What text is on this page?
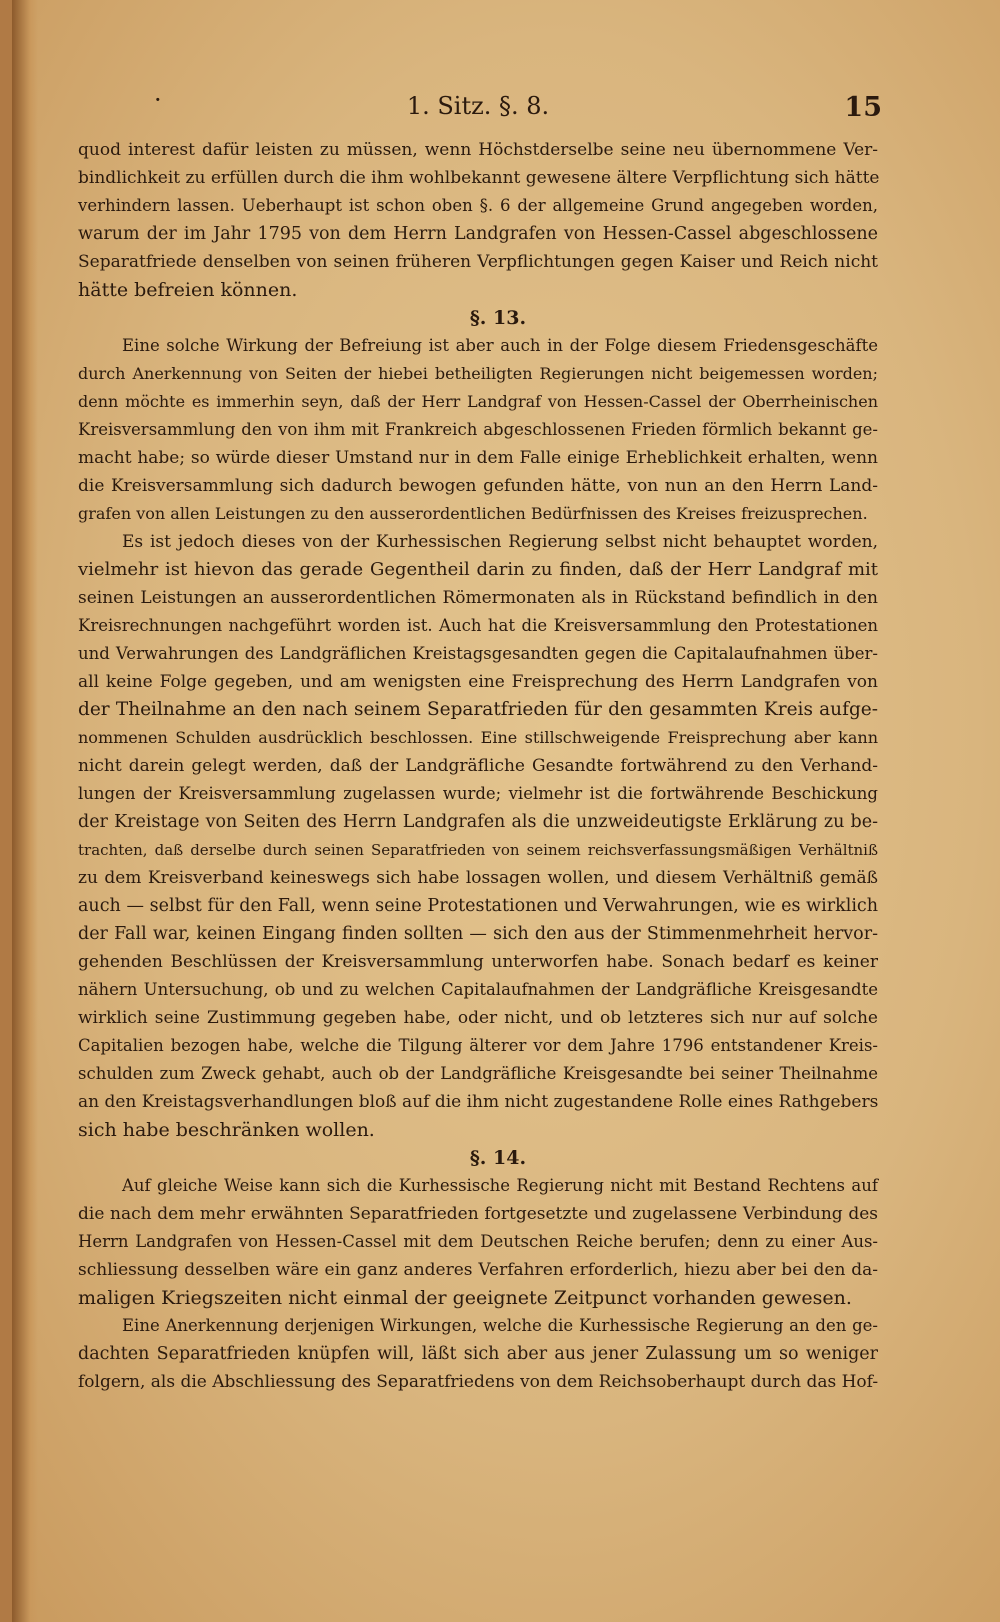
·	1. Sitz. §. 8.	15
quod interest dafür leisten zu müssen, wenn Höchstderselbe seine neu übernommene Ver-
bindlichkeit zu erfüllen durch die ihm wohlbekannt gewesene ältere Verpflichtung sich hätte
verhindern lassen. Ueberhaupt ist schon oben §. 6 der allgemeine Grund angegeben worden,
warum der im Jahr 1795 von dem Herrn Landgrafen von Hessen-Cassel abgeschlossene
Separatfriede denselben von seinen früheren Verpflichtungen gegen Kaiser und Reich nicht
hätte befreien können.
§. 13.
Eine solche Wirkung der Befreiung ist aber auch in der Folge diesem Friedensgeschäfte
durch Anerkennung von Seiten der hiebei betheiligten Regierungen nicht beigemessen worden;
denn möchte es immerhin seyn, daß der Herr Landgraf von Hessen-Cassel der Oberrheinischen
Kreisversammlung den von ihm mit Frankreich abgeschlossenen Frieden förmlich bekannt ge-
macht habe; so würde dieser Umstand nur in dem Falle einige Erheblichkeit erhalten, wenn
die Kreisversammlung sich dadurch bewogen gefunden hätte, von nun an den Herrn Land-
grafen von allen Leistungen zu den ausserordentlichen Bedürfnissen des Kreises freizusprechen.
Es ist jedoch dieses von der Kurhessischen Regierung selbst nicht behauptet worden,
vielmehr ist hievon das gerade Gegentheil darin zu finden, daß der Herr Landgraf mit
seinen Leistungen an ausserordentlichen Römermonaten als in Rückstand befindlich in den
Kreisrechnungen nachgeführt worden ist. Auch hat die Kreisversammlung den Protestationen
und Verwahrungen des Landgräflichen Kreistagsgesandten gegen die Capitalaufnahmen über-
all keine Folge gegeben, und am wenigsten eine Freisprechung des Herrn Landgrafen von
der Theilnahme an den nach seinem Separatfrieden für den gesammten Kreis aufge-
nommenen Schulden ausdrücklich beschlossen. Eine stillschweigende Freisprechung aber kann
nicht darein gelegt werden, daß der Landgräfliche Gesandte fortwährend zu den Verhand-
lungen der Kreisversammlung zugelassen wurde; vielmehr ist die fortwährende Beschickung
der Kreistage von Seiten des Herrn Landgrafen als die unzweideutigste Erklärung zu be-
trachten, daß derselbe durch seinen Separatfrieden von seinem reichsverfassungsmäßigen Verhältniß
zu dem Kreisverband keineswegs sich habe lossagen wollen, und diesem Verhältniß gemäß
auch — selbst für den Fall, wenn seine Protestationen und Verwahrungen, wie es wirklich
der Fall war, keinen Eingang finden sollten — sich den aus der Stimmenmehrheit hervor-
gehenden Beschlüssen der Kreisversammlung unterworfen habe. Sonach bedarf es keiner
nähern Untersuchung, ob und zu welchen Capitalaufnahmen der Landgräfliche Kreisgesandte
wirklich seine Zustimmung gegeben habe, oder nicht, und ob letzteres sich nur auf solche
Capitalien bezogen habe, welche die Tilgung älterer vor dem Jahre 1796 entstandener Kreis-
schulden zum Zweck gehabt, auch ob der Landgräfliche Kreisgesandte bei seiner Theilnahme
an den Kreistagsverhandlungen bloß auf die ihm nicht zugestandene Rolle eines Rathgebers
sich habe beschränken wollen.
§. 14.
Auf gleiche Weise kann sich die Kurhessische Regierung nicht mit Bestand Rechtens auf
die nach dem mehr erwähnten Separatfrieden fortgesetzte und zugelassene Verbindung des
Herrn Landgrafen von Hessen-Cassel mit dem Deutschen Reiche berufen; denn zu einer Aus-
schliessung desselben wäre ein ganz anderes Verfahren erforderlich, hiezu aber bei den da-
maligen Kriegszeiten nicht einmal der geeignete Zeitpunct vorhanden gewesen.
Eine Anerkennung derjenigen Wirkungen, welche die Kurhessische Regierung an den ge-
dachten Separatfrieden knüpfen will, läßt sich aber aus jener Zulassung um so weniger
folgern, als die Abschliessung des Separatfriedens von dem Reichsoberhaupt durch das Hof-
